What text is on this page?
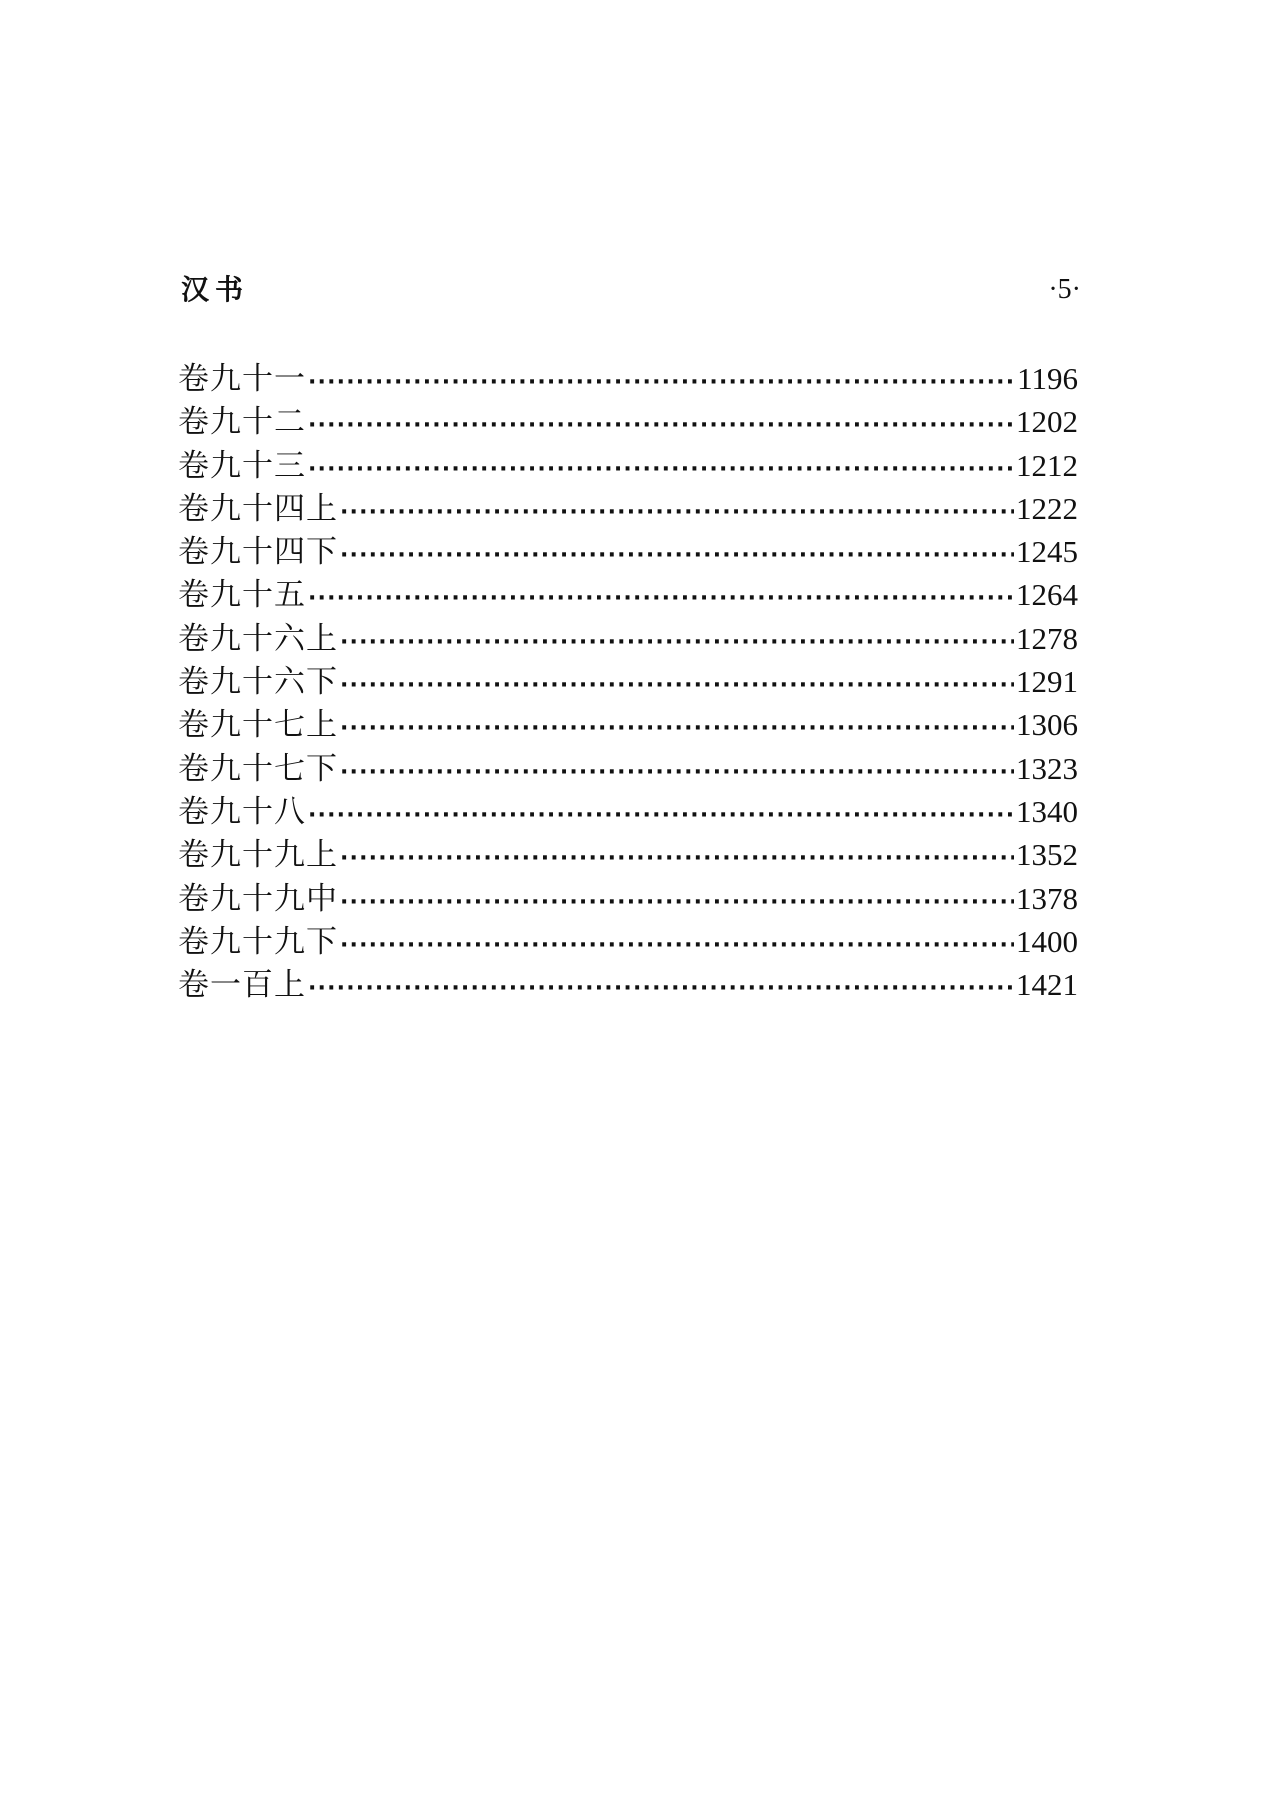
汉书	·5·
卷九十一 ·····	1196
卷九十二 ·····	1202
卷九十三 ·····	1212
卷九十四上 ·····	1222
卷九十四下 ·····	1245
卷九十五 ·····	1264
卷九十六上 ·····	1278
卷九十六下 ·····	1291
卷九十七上 ·····	1306
卷九十七下 ·····	1323
卷九十八 ·····	1340
卷九十九上 ·····	1352
卷九十九中 ·····	1378
卷九十九下 ·····	1400
卷一百上 ·····	1421
